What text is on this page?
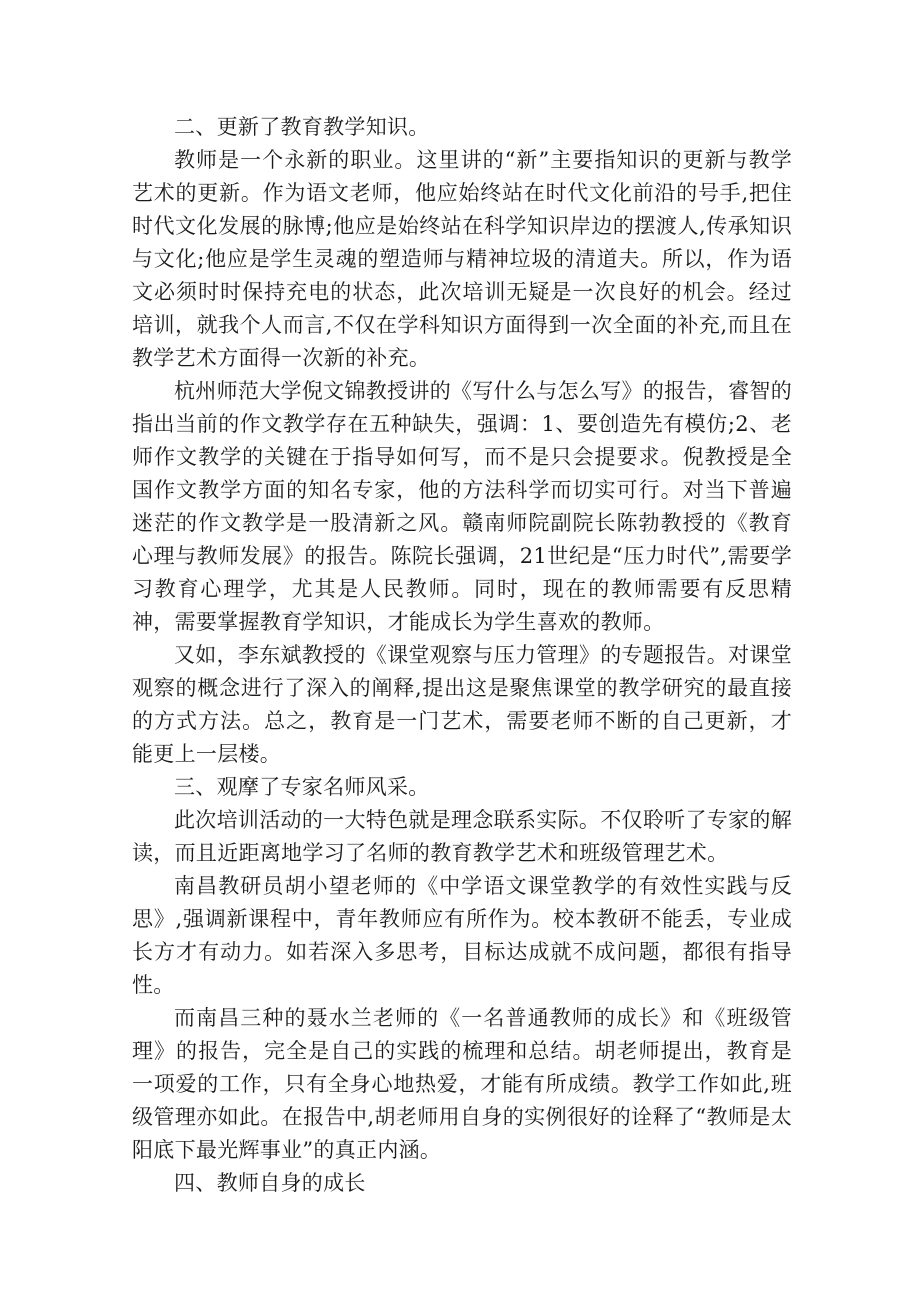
二、更新了教育教学知识。

教师是一个永新的职业。这里讲的“新”主要指知识的更新与教学艺术的更新。作为语文老师，他应始终站在时代文化前沿的号手,把住时代文化发展的脉博;他应是始终站在科学知识岸边的摆渡人,传承知识与文化;他应是学生灵魂的塑造师与精神垃圾的清道夫。所以，作为语文必须时时保持充电的状态，此次培训无疑是一次良好的机会。经过培训，就我个人而言,不仅在学科知识方面得到一次全面的补充,而且在教学艺术方面得一次新的补充。

杭州师范大学倪文锦教授讲的《写什么与怎么写》的报告，睿智的指出当前的作文教学存在五种缺失，强调：1、要创造先有模仿;2、老师作文教学的关键在于指导如何写，而不是只会提要求。倪教授是全国作文教学方面的知名专家，他的方法科学而切实可行。对当下普遍迷茫的作文教学是一股清新之风。赣南师院副院长陈勃教授的《教育心理与教师发展》的报告。陈院长强调，21世纪是“压力时代”,需要学习教育心理学，尤其是人民教师。同时，现在的教师需要有反思精神，需要掌握教育学知识，才能成长为学生喜欢的教师。

又如，李东斌教授的《课堂观察与压力管理》的专题报告。对课堂观察的概念进行了深入的阐释,提出这是聚焦课堂的教学研究的最直接的方式方法。总之，教育是一门艺术，需要老师不断的自己更新，才能更上一层楼。

三、观摩了专家名师风采。

此次培训活动的一大特色就是理念联系实际。不仅聆听了专家的解读，而且近距离地学习了名师的教育教学艺术和班级管理艺术。

南昌教研员胡小望老师的《中学语文课堂教学的有效性实践与反思》,强调新课程中，青年教师应有所作为。校本教研不能丢，专业成长方才有动力。如若深入多思考，目标达成就不成问题，都很有指导性。

而南昌三种的聂水兰老师的《一名普通教师的成长》和《班级管理》的报告，完全是自己的实践的梳理和总结。胡老师提出，教育是一项爱的工作，只有全身心地热爱，才能有所成绩。教学工作如此,班级管理亦如此。在报告中,胡老师用自身的实例很好的诠释了“教师是太阳底下最光辉事业”的真正内涵。

四、教师自身的成长
